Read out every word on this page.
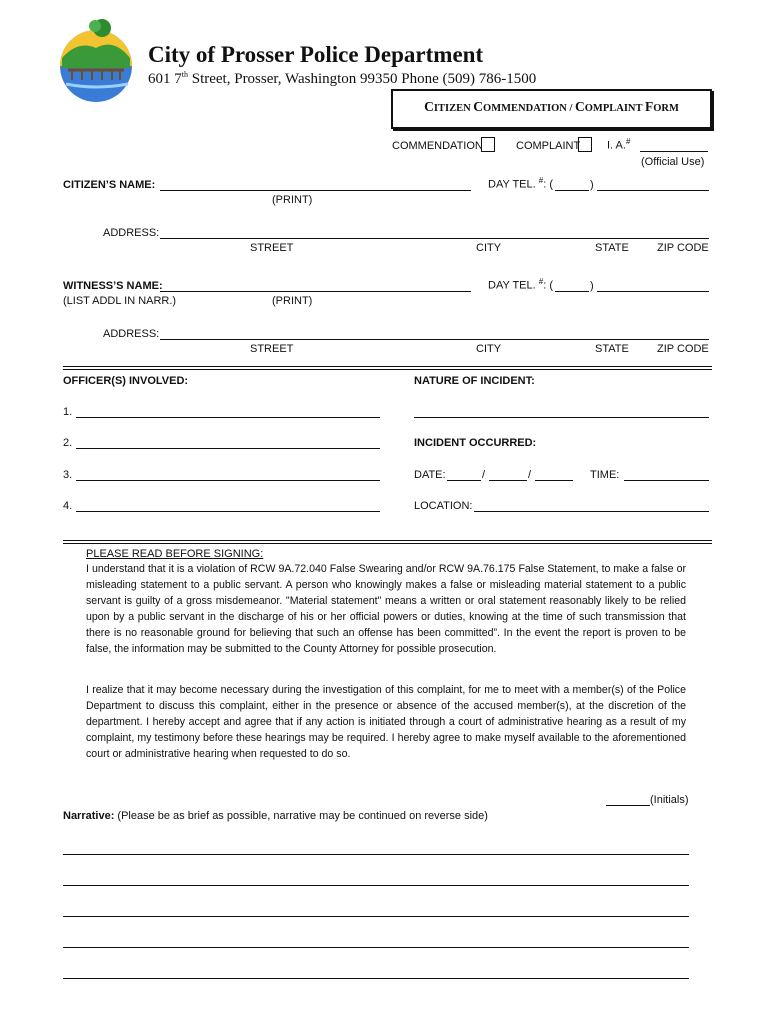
City of Prosser Police Department
601 7th Street, Prosser, Washington 99350 Phone (509) 786-1500
CITIZEN COMMENDATION / COMPLAINT FORM
COMMENDATION	COMPLAINT I. A.#
(Official Use)
CITIZEN’S NAME:
(PRINT)
DAY TEL. #: (	)
ADDRESS:
STREET	CITY	STATE	ZIP CODE
WITNESS’S NAME:
(LIST ADDL IN NARR.)	(PRINT)
DAY TEL. #: (	)
ADDRESS:
STREET	CITY	STATE	ZIP CODE
OFFICER(S) INVOLVED:
1.
2.
3.
4.
NATURE OF INCIDENT:
INCIDENT OCCURRED:
DATE:	/	/	TIME:
LOCATION:
PLEASE READ BEFORE SIGNING:
I understand that it is a violation of RCW 9A.72.040 False Swearing and/or RCW 9A.76.175 False Statement, to make a false or misleading statement to a public servant. A person who knowingly makes a false or misleading material statement to a public servant is guilty of a gross misdemeanor. "Material statement" means a written or oral statement reasonably likely to be relied upon by a public servant in the discharge of his or her official powers or duties, knowing at the time of such transmission that there is no reasonable ground for believing that such an offense has been committed”. In the event the report is proven to be false, the information may be submitted to the County Attorney for possible prosecution.
I realize that it may become necessary during the investigation of this complaint, for me to meet with a member(s) of the Police Department to discuss this complaint, either in the presence or absence of the accused member(s), at the discretion of the department. I hereby accept and agree that if any action is initiated through a court of administrative hearing as a result of my complaint, my testimony before these hearings may be required. I hereby agree to make myself available to the aforementioned court or administrative hearing when requested to do so.
(Initials)
Narrative: (Please be as brief as possible, narrative may be continued on reverse side)
